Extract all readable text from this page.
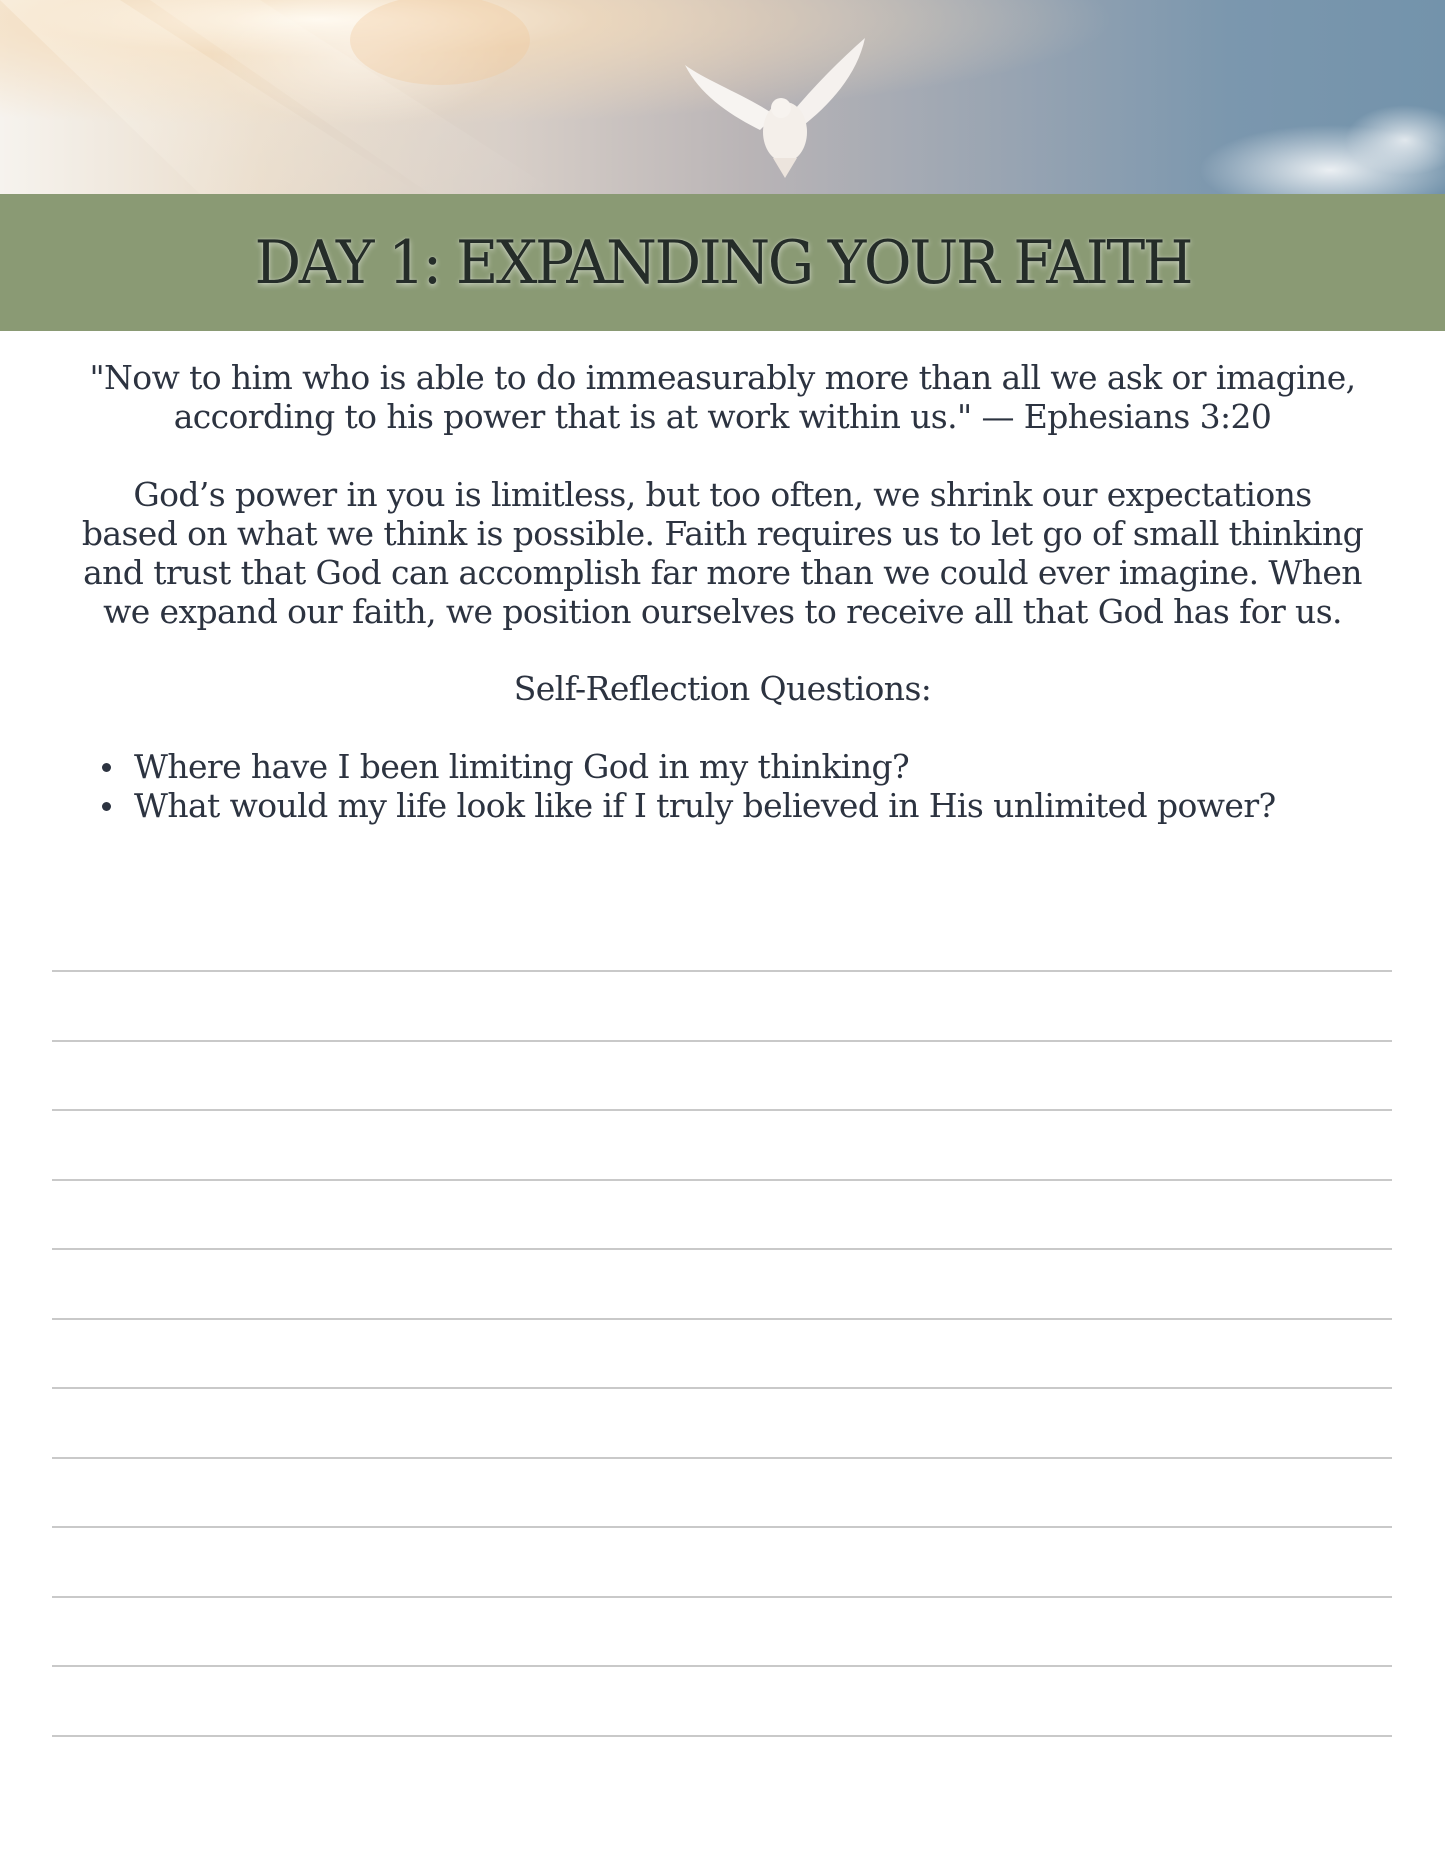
DAY 1: EXPANDING YOUR FAITH

"Now to him who is able to do immeasurably more than all we ask or imagine,
according to his power that is at work within us." — Ephesians 3:20

God’s power in you is limitless, but too often, we shrink our expectations
based on what we think is possible. Faith requires us to let go of small thinking
and trust that God can accomplish far more than we could ever imagine. When
we expand our faith, we position ourselves to receive all that God has for us.

Self-Reflection Questions:

Where have I been limiting God in my thinking?
What would my life look like if I truly believed in His unlimited power?
